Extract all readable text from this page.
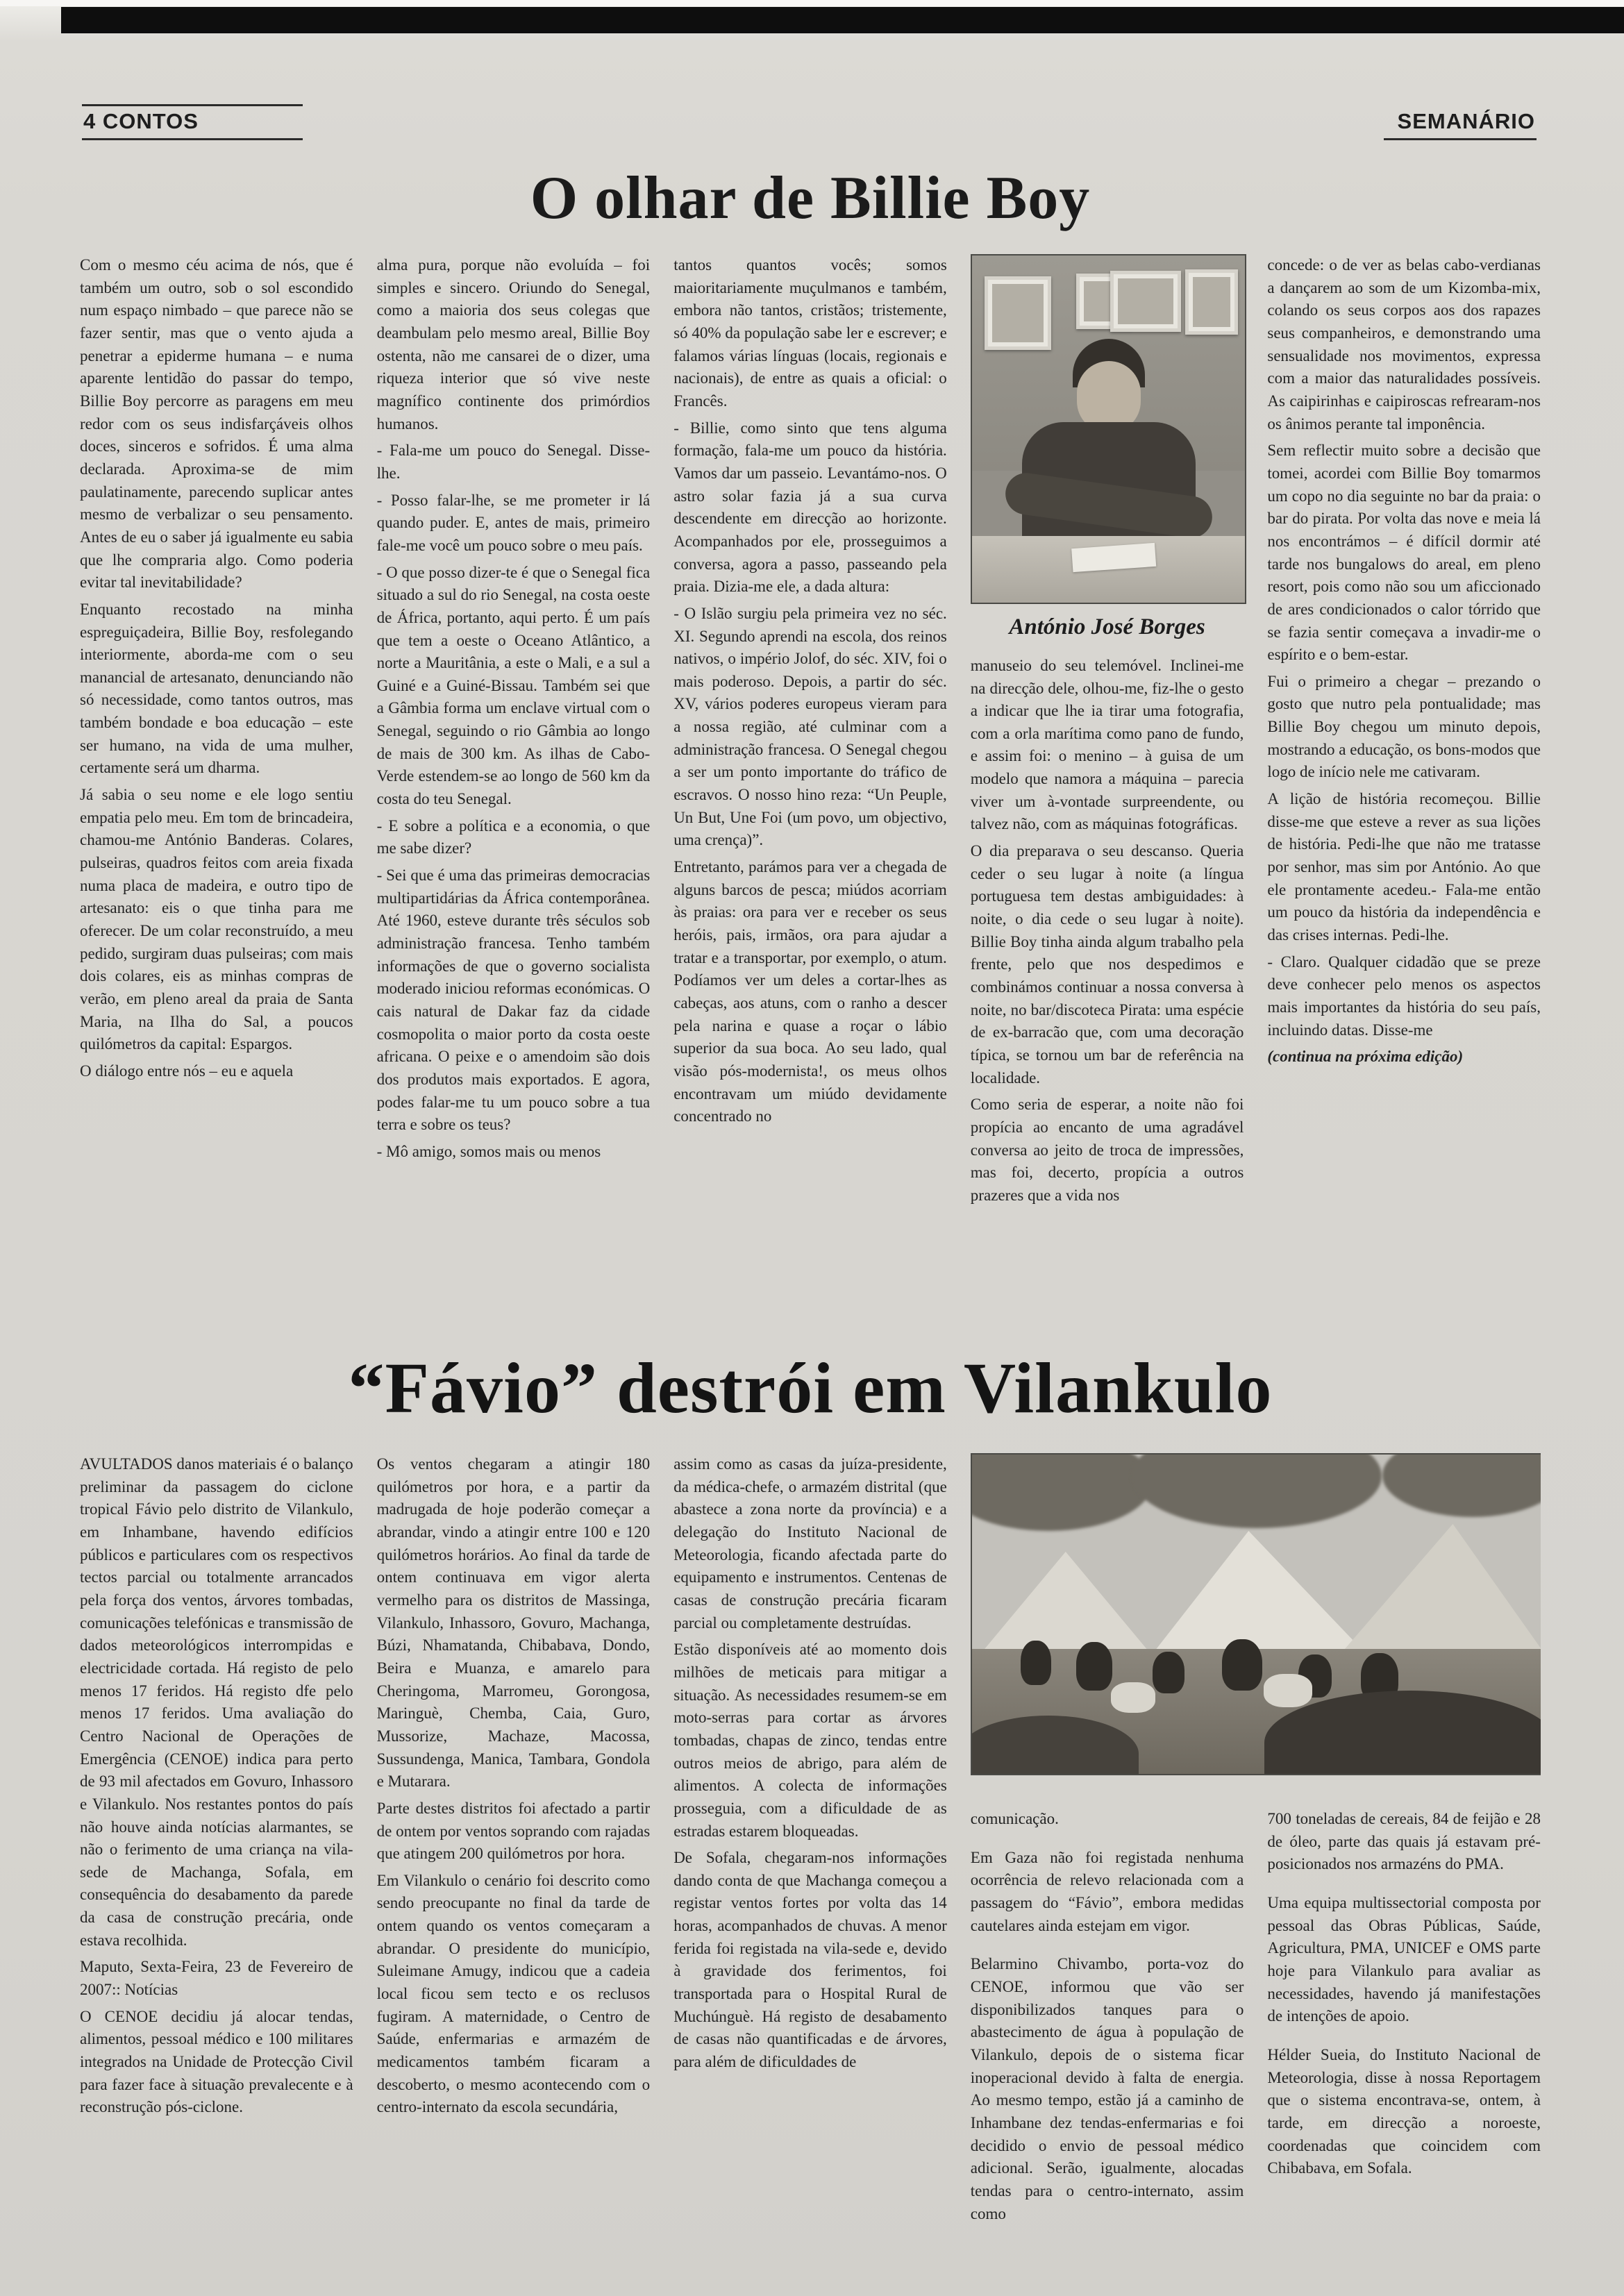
4 CONTOS	SEMANÁRIO
O olhar de Billie Boy

Com o mesmo céu acima de nós, que é também um outro, sob o sol escondido num espaço nimbado – que parece não se fazer sentir, mas que o vento ajuda a penetrar a epiderme humana – e numa aparente lentidão do passar do tempo, Billie Boy percorre as paragens em meu redor com os seus indisfarçáveis olhos doces, sinceros e sofridos. É uma alma declarada. Aproxima-se de mim paulatinamente, parecendo suplicar antes mesmo de verbalizar o seu pensamento. Antes de eu o saber já igualmente eu sabia que lhe compraria algo. Como poderia evitar tal inevitabilidade?

Enquanto recostado na minha espreguiçadeira, Billie Boy, resfolegando interiormente, aborda-me com o seu manancial de artesanato, denunciando não só necessidade, como tantos outros, mas também bondade e boa educação – este ser humano, na vida de uma mulher, certamente será um dharma.

Já sabia o seu nome e ele logo sentiu empatia pelo meu. Em tom de brincadeira, chamou-me António Banderas. Colares, pulseiras, quadros feitos com areia fixada numa placa de madeira, e outro tipo de artesanato: eis o que tinha para me oferecer. De um colar reconstruído, a meu pedido, surgiram duas pulseiras; com mais dois colares, eis as minhas compras de verão, em pleno areal da praia de Santa Maria, na Ilha do Sal, a poucos quilómetros da capital: Espargos.

O diálogo entre nós – eu e aquela

alma pura, porque não evoluída – foi simples e sincero. Oriundo do Senegal, como a maioria dos seus colegas que deambulam pelo mesmo areal, Billie Boy ostenta, não me cansarei de o dizer, uma riqueza interior que só vive neste magnífico continente dos primórdios humanos.

- Fala-me um pouco do Senegal. Disse-lhe.

- Posso falar-lhe, se me prometer ir lá quando puder. E, antes de mais, primeiro fale-me você um pouco sobre o meu país.

- O que posso dizer-te é que o Senegal fica situado a sul do rio Senegal, na costa oeste de África, portanto, aqui perto. É um país que tem a oeste o Oceano Atlântico, a norte a Mauritânia, a este o Mali, e a sul a Guiné e a Guiné-Bissau. Também sei que a Gâmbia forma um enclave virtual com o Senegal, seguindo o rio Gâmbia ao longo de mais de 300 km. As ilhas de Cabo-Verde estendem-se ao longo de 560 km da costa do teu Senegal.

- E sobre a política e a economia, o que me sabe dizer?

- Sei que é uma das primeiras democracias multipartidárias da África contemporânea. Até 1960, esteve durante três séculos sob administração francesa. Tenho também informações de que o governo socialista moderado iniciou reformas económicas. O cais natural de Dakar faz da cidade cosmopolita o maior porto da costa oeste africana. O peixe e o amendoim são dois dos produtos mais exportados. E agora, podes falar-me tu um pouco sobre a tua terra e sobre os teus?

- Mô amigo, somos mais ou menos

tantos quantos vocês; somos maioritariamente muçulmanos e também, embora não tantos, cristãos; tristemente, só 40% da população sabe ler e escrever; e falamos várias línguas (locais, regionais e nacionais), de entre as quais a oficial: o Francês.

- Billie, como sinto que tens alguma formação, fala-me um pouco da história. Vamos dar um passeio. Levantámo-nos. O astro solar fazia já a sua curva descendente em direcção ao horizonte. Acompanhados por ele, prosseguimos a conversa, agora a passo, passeando pela praia. Dizia-me ele, a dada altura:

- O Islão surgiu pela primeira vez no séc. XI. Segundo aprendi na escola, dos reinos nativos, o império Jolof, do séc. XIV, foi o mais poderoso. Depois, a partir do séc. XV, vários poderes europeus vieram para a nossa região, até culminar com a administração francesa. O Senegal chegou a ser um ponto importante do tráfico de escravos. O nosso hino reza: “Un Peuple, Un But, Une Foi (um povo, um objectivo, uma crença)”.

Entretanto, parámos para ver a chegada de alguns barcos de pesca; miúdos acorriam às praias: ora para ver e receber os seus heróis, pais, irmãos, ora para ajudar a tratar e a transportar, por exemplo, o atum. Podíamos ver um deles a cortar-lhes as cabeças, aos atuns, com o ranho a descer pela narina e quase a roçar o lábio superior da sua boca. Ao seu lado, qual visão pós-modernista!, os meus olhos encontravam um miúdo devidamente concentrado no

António José Borges

manuseio do seu telemóvel. Inclinei-me na direcção dele, olhou-me, fiz-lhe o gesto a indicar que lhe ia tirar uma fotografia, com a orla marítima como pano de fundo, e assim foi: o menino – à guisa de um modelo que namora a máquina – parecia viver um à-vontade surpreendente, ou talvez não, com as máquinas fotográficas.

O dia preparava o seu descanso. Queria ceder o seu lugar à noite (a língua portuguesa tem destas ambiguidades: à noite, o dia cede o seu lugar à noite). Billie Boy tinha ainda algum trabalho pela frente, pelo que nos despedimos e combinámos continuar a nossa conversa à noite, no bar/discoteca Pirata: uma espécie de ex-barracão que, com uma decoração típica, se tornou um bar de referência na localidade.

Como seria de esperar, a noite não foi propícia ao encanto de uma agradável conversa ao jeito de troca de impressões, mas foi, decerto, propícia a outros prazeres que a vida nos

concede: o de ver as belas cabo-verdianas a dançarem ao som de um Kizomba-mix, colando os seus corpos aos dos rapazes seus companheiros, e demonstrando uma sensualidade nos movimentos, expressa com a maior das naturalidades possíveis. As caipirinhas e caipiroscas refrearam-nos os ânimos perante tal imponência.

Sem reflectir muito sobre a decisão que tomei, acordei com Billie Boy tomarmos um copo no dia seguinte no bar da praia: o bar do pirata. Por volta das nove e meia lá nos encontrámos – é difícil dormir até tarde nos bungalows do areal, em pleno resort, pois como não sou um aficcionado de ares condicionados o calor tórrido que se fazia sentir começava a invadir-me o espírito e o bem-estar.

Fui o primeiro a chegar – prezando o gosto que nutro pela pontualidade; mas Billie Boy chegou um minuto depois, mostrando a educação, os bons-modos que logo de início nele me cativaram.

A lição de história recomeçou. Billie disse-me que esteve a rever as sua lições de história. Pedi-lhe que não me tratasse por senhor, mas sim por António. Ao que ele prontamente acedeu.- Fala-me então um pouco da história da independência e das crises internas. Pedi-lhe.

- Claro. Qualquer cidadão que se preze deve conhecer pelo menos os aspectos mais importantes da história do seu país, incluindo datas. Disse-me

(continua na próxima edição)
“Fávio” destrói em Vilankulo

AVULTADOS danos materiais é o balanço preliminar da passagem do ciclone tropical Fávio pelo distrito de Vilankulo, em Inhambane, havendo edifícios públicos e particulares com os respectivos tectos parcial ou totalmente arrancados pela força dos ventos, árvores tombadas, comunicações telefónicas e transmissão de dados meteorológicos interrompidas e electricidade cortada. Há registo de pelo menos 17 feridos. Há registo dfe pelo menos 17 feridos. Uma avaliação do Centro Nacional de Operações de Emergência (CENOE) indica para perto de 93 mil afectados em Govuro, Inhassoro e Vilankulo. Nos restantes pontos do país não houve ainda notícias alarmantes, se não o ferimento de uma criança na vila-sede de Machanga, Sofala, em consequência do desabamento da parede da casa de construção precária, onde estava recolhida.

Maputo, Sexta-Feira, 23 de Fevereiro de 2007:: Notícias

O CENOE decidiu já alocar tendas, alimentos, pessoal médico e 100 militares integrados na Unidade de Protecção Civil para fazer face à situação prevalecente e à reconstrução pós-ciclone.

Os ventos chegaram a atingir 180 quilómetros por hora, e a partir da madrugada de hoje poderão começar a abrandar, vindo a atingir entre 100 e 120 quilómetros horários. Ao final da tarde de ontem continuava em vigor alerta vermelho para os distritos de Massinga, Vilankulo, Inhassoro, Govuro, Machanga, Búzi, Nhamatanda, Chibabava, Dondo, Beira e Muanza, e amarelo para Cheringoma, Marromeu, Gorongosa, Maringuè, Chemba, Caia, Guro, Mussorize, Machaze, Macossa, Sussundenga, Manica, Tambara, Gondola e Mutarara.

Parte destes distritos foi afectado a partir de ontem por ventos soprando com rajadas que atingem 200 quilómetros por hora.

Em Vilankulo o cenário foi descrito como sendo preocupante no final da tarde de ontem quando os ventos começaram a abrandar. O presidente do município, Suleimane Amugy, indicou que a cadeia local ficou sem tecto e os reclusos fugiram. A maternidade, o Centro de Saúde, enfermarias e armazém de medicamentos também ficaram a descoberto, o mesmo acontecendo com o centro-internato da escola secundária,

assim como as casas da juíza-presidente, da médica-chefe, o armazém distrital (que abastece a zona norte da província) e a delegação do Instituto Nacional de Meteorologia, ficando afectada parte do equipamento e instrumentos. Centenas de casas de construção precária ficaram parcial ou completamente destruídas.

Estão disponíveis até ao momento dois milhões de meticais para mitigar a situação. As necessidades resumem-se em moto-serras para cortar as árvores tombadas, chapas de zinco, tendas entre outros meios de abrigo, para além de alimentos. A colecta de informações prosseguia, com a dificuldade de as estradas estarem bloqueadas.

De Sofala, chegaram-nos informações dando conta de que Machanga começou a registar ventos fortes por volta das 14 horas, acompanhados de chuvas. A menor ferida foi registada na vila-sede e, devido à gravidade dos ferimentos, foi transportada para o Hospital Rural de Muchúnguè. Há registo de desabamento de casas não quantificadas e de árvores, para além de dificuldades de

comunicação.

Em Gaza não foi registada nenhuma ocorrência de relevo relacionada com a passagem do “Fávio”, embora medidas cautelares ainda estejam em vigor.

Belarmino Chivambo, porta-voz do CENOE, informou que vão ser disponibilizados tanques para o abastecimento de água à população de Vilankulo, depois de o sistema ficar inoperacional devido à falta de energia. Ao mesmo tempo, estão já a caminho de Inhambane dez tendas-enfermarias e foi decidido o envio de pessoal médico adicional. Serão, igualmente, alocadas tendas para o centro-internato, assim como

700 toneladas de cereais, 84 de feijão e 28 de óleo, parte das quais já estavam pré-posicionados nos armazéns do PMA.

Uma equipa multissectorial composta por pessoal das Obras Públicas, Saúde, Agricultura, PMA, UNICEF e OMS parte hoje para Vilankulo para avaliar as necessidades, havendo já manifestações de intenções de apoio.

Hélder Sueia, do Instituto Nacional de Meteorologia, disse à nossa Reportagem que o sistema encontrava-se, ontem, à tarde, em direcção a noroeste, coordenadas que coincidem com Chibabava, em Sofala.
